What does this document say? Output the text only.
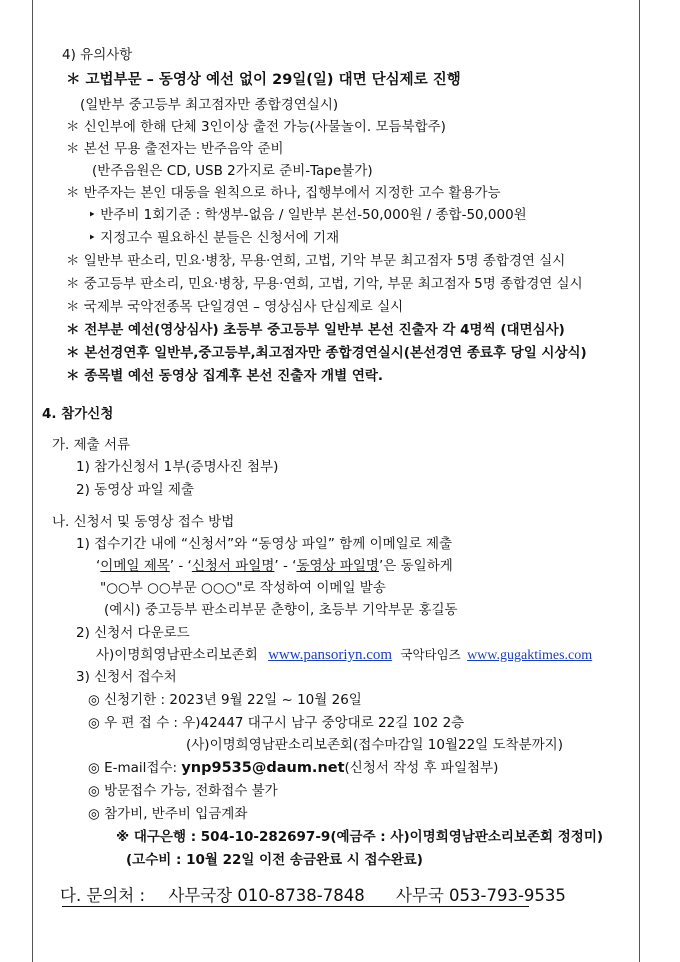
4) 유의사항
＊ 고법부문 – 동영상 예선 없이 29일(일) 대면 단심제로 진행
(일반부 중고등부 최고점자만 종합경연실시)
＊ 신인부에 한해 단체 3인이상 출전 가능(사물놀이. 모듬북합주)
＊ 본선 무용 출전자는 반주음악 준비
(반주음원은 CD, USB 2가지로 준비-Tape불가)
＊ 반주자는 본인 대동을 원칙으로 하나, 집행부에서 지정한 고수 활용가능
‣ 반주비 1회기준 : 학생부-없음 / 일반부 본선-50,000원 / 종합-50,000원
‣ 지정고수 필요하신 분들은 신청서에 기재
＊ 일반부 판소리, 민요·병창, 무용·연희, 고법, 기악 부문 최고점자 5명 종합경연 실시
＊ 중고등부 판소리, 민요·병창, 무용·연희, 고법, 기악, 부문 최고점자 5명 종합경연 실시
＊ 국제부 국악전종목 단일경연 – 영상심사 단심제로 실시
＊ 전부분 예선(영상심사) 초등부 중고등부 일반부 본선 진출자 각 4명씩 (대면심사)
＊ 본선경연후 일반부,중고등부,최고점자만 종합경연실시(본선경연 종료후 당일 시상식)
＊ 종목별 예선 동영상 집계후 본선 진출자 개별 연락.
4. 참가신청
가. 제출 서류
1) 참가신청서 1부(증명사진 첨부)
2) 동영상 파일 제출
나. 신청서 및 동영상 접수 방법
1) 접수기간 내에 “신청서”와 “동영상 파일” 함께 이메일로 제출
‘이메일 제목’ - ‘신청서 파일명’ - ‘동영상 파일명’은 동일하게
"○○부 ○○부문 ○○○"로 작성하여 이메일 발송
(예시) 중고등부 판소리부문 춘향이, 초등부 기악부문 홍길동
2) 신청서 다운로드
사)이명희영남판소리보존회 www.pansoriyn.com 국악타임즈 www.gugaktimes.com
3) 신청서 접수처
◎ 신청기한 : 2023년 9월 22일 ~ 10월 26일
◎ 우 편 접 수 : 우)42447 대구시 남구 중앙대로 22길 102 2층
(사)이명희영남판소리보존회(접수마감일 10월22일 도착분까지)
◎ E-mail접수: ynp9535@daum.net(신청서 작성 후 파일첨부)
◎ 방문접수 가능, 전화접수 불가
◎ 참가비, 반주비 입금계좌
※ 대구은행 : 504-10-282697-9(예금주 : 사)이명희영남판소리보존회 정정미)
(고수비 : 10월 22일 이전 송금완료 시 접수완료)
다. 문의처 : 사무국장 010-8738-7848 사무국 053-793-9535
